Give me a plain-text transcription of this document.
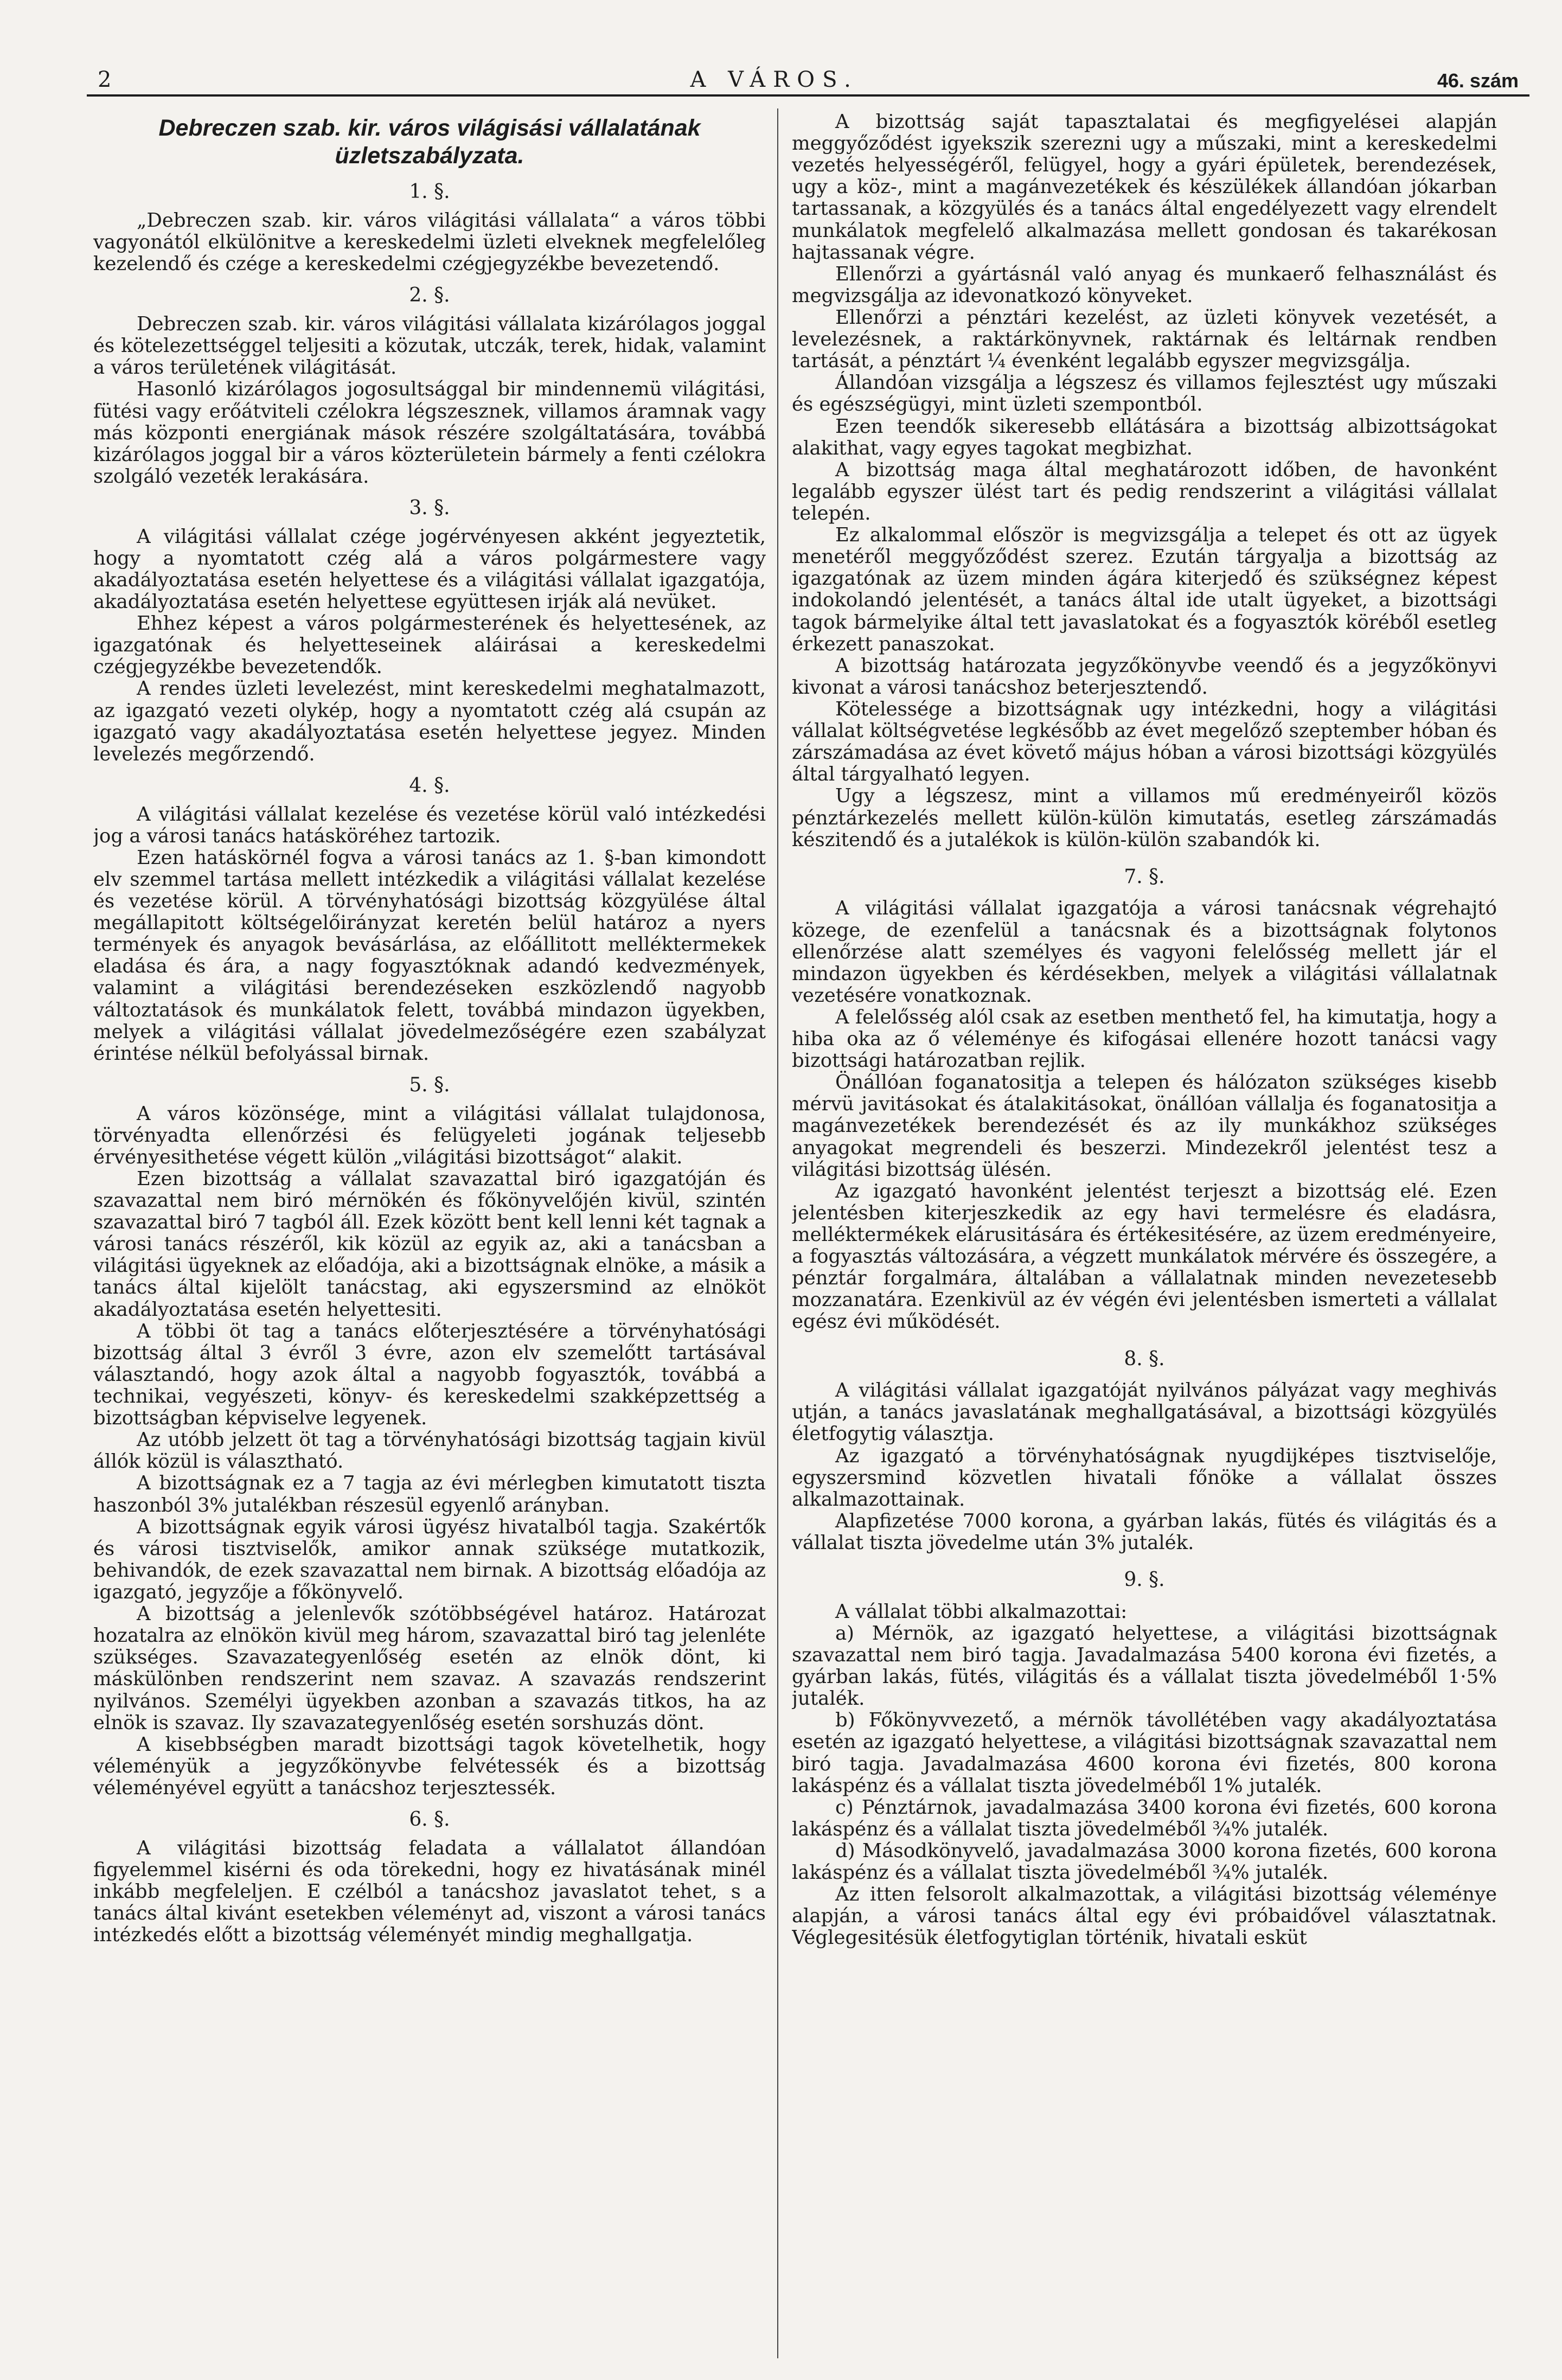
2	A VÁROS.	46. szám
Debreczen szab. kir. város világisási vállalatának üzletszabályzata.
1. §.

„Debreczen szab. kir. város világitási vállalata“ a város többi vagyonától elkülönitve a kereskedelmi üzleti elveknek megfelelőleg kezelendő és czége a kereskedelmi czégjegyzékbe bevezetendő.

2. §.

Debreczen szab. kir. város világitási vállalata kizárólagos joggal és kötelezettséggel teljesiti a közutak, utczák, terek, hidak, valamint a város területének világitását.

Hasonló kizárólagos jogosultsággal bir mindennemü világitási, fütési vagy erőátviteli czélokra légszesznek, villamos áramnak vagy más központi energiának mások részére szolgáltatására, továbbá kizárólagos joggal bir a város közterületein bármely a fenti czélokra szolgáló vezeték lerakására.

3. §.

A világitási vállalat czége jogérvényesen akként jegyeztetik, hogy a nyomtatott czég alá a város polgármestere vagy akadályoztatása esetén helyettese és a világitási vállalat igazgatója, akadályoztatása esetén helyettese együttesen irják alá nevüket.

Ehhez képest a város polgármesterének és helyettesének, az igazgatónak és helyetteseinek aláirásai a kereskedelmi czégjegyzékbe bevezetendők.

A rendes üzleti levelezést, mint kereskedelmi meghatalmazott, az igazgató vezeti olykép, hogy a nyomtatott czég alá csupán az igazgató vagy akadályoztatása esetén helyettese jegyez. Minden levelezés megőrzendő.

4. §.

A világitási vállalat kezelése és vezetése körül való intézkedési jog a városi tanács hatásköréhez tartozik.

Ezen hatáskörnél fogva a városi tanács az 1. §-ban kimondott elv szemmel tartása mellett intézkedik a világitási vállalat kezelése és vezetése körül. A törvényhatósági bizottság közgyülése által megállapitott költségelőirányzat keretén belül határoz a nyers termények és anyagok bevásárlása, az előállitott melléktermekek eladása és ára, a nagy fogyasztóknak adandó kedvezmények, valamint a világitási berendezéseken eszközlendő nagyobb változtatások és munkálatok felett, továbbá mindazon ügyekben, melyek a világitási vállalat jövedelmezőségére ezen szabályzat érintése nélkül befolyással birnak.

5. §.

A város közönsége, mint a világitási vállalat tulajdonosa, törvényadta ellenőrzési és felügyeleti jogának teljesebb érvényesithetése végett külön „világitási bizottságot“ alakit.

Ezen bizottság a vállalat szavazattal biró igazgatóján és szavazattal nem biró mérnökén és főkönyvelőjén kivül, szintén szavazattal biró 7 tagból áll. Ezek között bent kell lenni két tagnak a városi tanács részéről, kik közül az egyik az, aki a tanácsban a világitási ügyeknek az előadója, aki a bizottságnak elnöke, a másik a tanács által kijelölt tanácstag, aki egyszersmind az elnököt akadályoztatása esetén helyettesiti.

A többi öt tag a tanács előterjesztésére a törvényhatósági bizottság által 3 évről 3 évre, azon elv szemelőtt tartásával választandó, hogy azok által a nagyobb fogyasztók, továbbá a technikai, vegyészeti, könyv- és kereskedelmi szakképzettség a bizottságban képviselve legyenek.

Az utóbb jelzett öt tag a törvényhatósági bizottság tagjain kivül állók közül is választható.

A bizottságnak ez a 7 tagja az évi mérlegben kimutatott tiszta haszonból 3% jutalékban részesül egyenlő arányban.

A bizottságnak egyik városi ügyész hivatalból tagja. Szakértők és városi tisztviselők, amikor annak szüksége mutatkozik, behivandók, de ezek szavazattal nem birnak. A bizottság előadója az igazgató, jegyzője a főkönyvelő.

A bizottság a jelenlevők szótöbbségével határoz. Határozat hozatalra az elnökön kivül meg három, szavazattal biró tag jelenléte szükséges. Szavazategyenlőség esetén az elnök dönt, ki máskülönben rendszerint nem szavaz. A szavazás rendszerint nyilvános. Személyi ügyekben azonban a szavazás titkos, ha az elnök is szavaz. Ily szavazategyenlőség esetén sorshuzás dönt.

A kisebbségben maradt bizottsági tagok követelhetik, hogy véleményük a jegyzőkönyvbe felvétessék és a bizottság véleményével együtt a tanácshoz terjesztessék.

6. §.

A világitási bizottság feladata a vállalatot állandóan figyelemmel kisérni és oda törekedni, hogy ez hivatásának minél inkább megfeleljen. E czélból a tanácshoz javaslatot tehet, s a tanács által kivánt esetekben véleményt ad, viszont a városi tanács intézkedés előtt a bizottság véleményét mindig meghallgatja.

A bizottság saját tapasztalatai és megfigyelései alapján meggyőződést igyekszik szerezni ugy a műszaki, mint a kereskedelmi vezetés helyességéről, felügyel, hogy a gyári épületek, berendezések, ugy a köz-, mint a magánvezetékek és készülékek állandóan jókarban tartassanak, a közgyülés és a tanács által engedélyezett vagy elrendelt munkálatok megfelelő alkalmazása mellett gondosan és takarékosan hajtassanak végre.

Ellenőrzi a gyártásnál való anyag és munkaerő felhasználást és megvizsgálja az idevonatkozó könyveket.

Ellenőrzi a pénztári kezelést, az üzleti könyvek vezetését, a levelezésnek, a raktárkönyvnek, raktárnak és leltárnak rendben tartását, a pénztárt ¼ évenként legalább egyszer megvizsgálja.

Állandóan vizsgálja a légszesz és villamos fejlesztést ugy műszaki és egészségügyi, mint üzleti szempontból.

Ezen teendők sikeresebb ellátására a bizottság albizottságokat alakithat, vagy egyes tagokat megbizhat.

A bizottság maga által meghatározott időben, de havonként legalább egyszer ülést tart és pedig rendszerint a világitási vállalat telepén.

Ez alkalommal először is megvizsgálja a telepet és ott az ügyek menetéről meggyőződést szerez. Ezután tárgyalja a bizottság az igazgatónak az üzem minden ágára kiterjedő és szükségnez képest indokolandó jelentését, a tanács által ide utalt ügyeket, a bizottsági tagok bármelyike által tett javaslatokat és a fogyasztók köréből esetleg érkezett panaszokat.

A bizottság határozata jegyzőkönyvbe veendő és a jegyzőkönyvi kivonat a városi tanácshoz beterjesztendő.

Kötelessége a bizottságnak ugy intézkedni, hogy a világitási vállalat költségvetése legkésőbb az évet megelőző szeptember hóban és zárszámadása az évet követő május hóban a városi bizottsági közgyülés által tárgyalható legyen.

Ugy a légszesz, mint a villamos mű eredményeiről közös pénztárkezelés mellett külön-külön kimutatás, esetleg zárszámadás készitendő és a jutalékok is külön-külön szabandók ki.

7. §.

A világitási vállalat igazgatója a városi tanácsnak végrehajtó közege, de ezenfelül a tanácsnak és a bizottságnak folytonos ellenőrzése alatt személyes és vagyoni felelősség mellett jár el mindazon ügyekben és kérdésekben, melyek a világitási vállalatnak vezetésére vonatkoznak.

A felelősség alól csak az esetben menthető fel, ha kimutatja, hogy a hiba oka az ő véleménye és kifogásai ellenére hozott tanácsi vagy bizottsági határozatban rejlik.

Önállóan foganatositja a telepen és hálózaton szükséges kisebb mérvü javitásokat és átalakitásokat, önállóan vállalja és foganatositja a magánvezetékek berendezését és az ily munkákhoz szükséges anyagokat megrendeli és beszerzi. Mindezekről jelentést tesz a világitási bizottság ülésén.

Az igazgató havonként jelentést terjeszt a bizottság elé. Ezen jelentésben kiterjeszkedik az egy havi termelésre és eladásra, melléktermékek elárusitására és értékesitésére, az üzem eredményeire, a fogyasztás változására, a végzett munkálatok mérvére és összegére, a pénztár forgalmára, általában a vállalatnak minden nevezetesebb mozzanatára. Ezenkivül az év végén évi jelentésben ismerteti a vállalat egész évi működését.

8. §.

A világitási vállalat igazgatóját nyilvános pályázat vagy meghivás utján, a tanács javaslatának meghallgatásával, a bizottsági közgyülés életfogytig választja.

Az igazgató a törvényhatóságnak nyugdijképes tisztviselője, egyszersmind közvetlen hivatali főnöke a vállalat összes alkalmazottainak.

Alapfizetése 7000 korona, a gyárban lakás, fütés és világitás és a vállalat tiszta jövedelme után 3% jutalék.

9. §.

A vállalat többi alkalmazottai:

a) Mérnök, az igazgató helyettese, a világitási bizottságnak szavazattal nem biró tagja. Javadalmazása 5400 korona évi fizetés, a gyárban lakás, fütés, világitás és a vállalat tiszta jövedelméből 1·5% jutalék.

b) Főkönyvvezető, a mérnök távollétében vagy akadályoztatása esetén az igazgató helyettese, a világitási bizottságnak szavazattal nem biró tagja. Javadalmazása 4600 korona évi fizetés, 800 korona lakáspénz és a vállalat tiszta jövedelméből 1% jutalék.

c) Pénztárnok, javadalmazása 3400 korona évi fizetés, 600 korona lakáspénz és a vállalat tiszta jövedelméből ¾% jutalék.

d) Másodkönyvelő, javadalmazása 3000 korona fizetés, 600 korona lakáspénz és a vállalat tiszta jövedelméből ¾% jutalék.

Az itten felsorolt alkalmazottak, a világitási bizottság véleménye alapján, a városi tanács által egy évi próbaidővel választatnak. Véglegesitésük életfogytiglan történik, hivatali esküt
